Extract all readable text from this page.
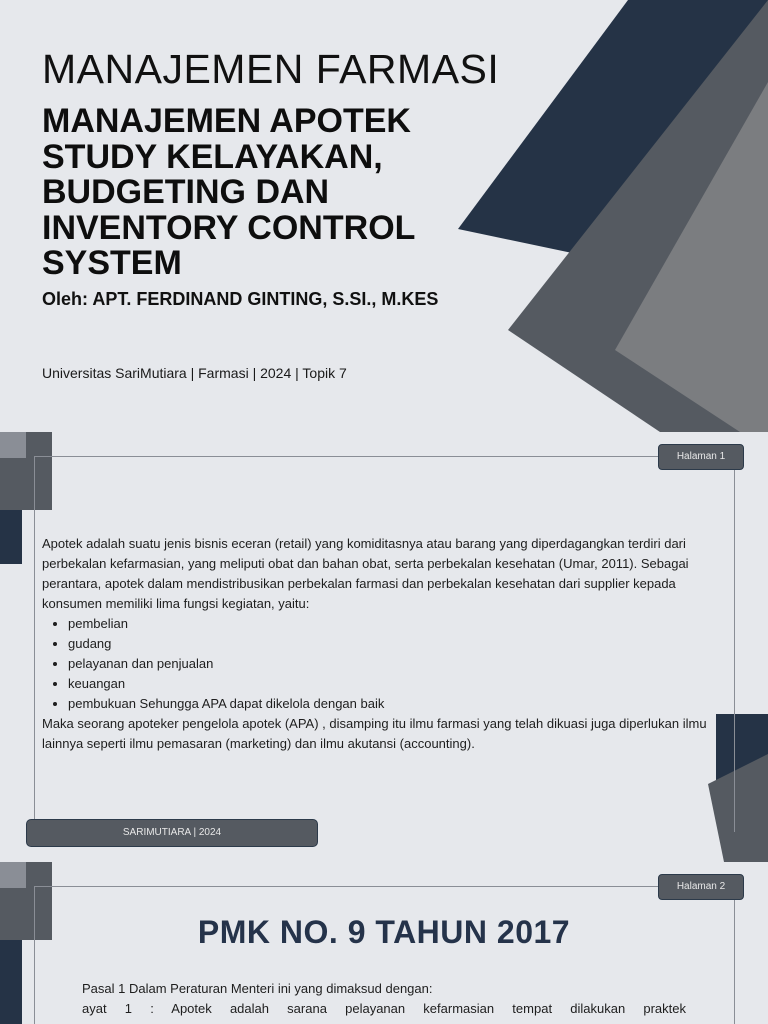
MANAJEMEN FARMASI
MANAJEMEN APOTEK STUDY KELAYAKAN, BUDGETING DAN INVENTORY CONTROL SYSTEM
Oleh: APT. FERDINAND GINTING, S.SI., M.KES
Universitas SariMutiara | Farmasi | 2024 | Topik 7
Halaman 1
Apotek adalah suatu jenis bisnis eceran (retail) yang komiditasnya atau barang yang diperdagangkan terdiri dari perbekalan kefarmasian, yang meliputi obat dan bahan obat, serta perbekalan kesehatan (Umar, 2011). Sebagai perantara, apotek dalam mendistribusikan perbekalan farmasi dan perbekalan kesehatan dari supplier kepada konsumen memiliki lima fungsi kegiatan, yaitu:
• pembelian
• gudang
• pelayanan dan penjualan
• keuangan
• pembukuan Sehungga APA dapat dikelola dengan baik
Maka seorang apoteker pengelola apotek (APA) , disamping itu ilmu farmasi yang telah dikuasi juga diperlukan ilmu lainnya seperti ilmu pemasaran (marketing) dan ilmu akutansi (accounting).
SARIMUTIARA | 2024
Halaman 2
PMK NO. 9 TAHUN 2017
Pasal 1 Dalam Peraturan Menteri ini yang dimaksud dengan:
ayat 1 : Apotek adalah sarana pelayanan kefarmasian tempat dilakukan praktek
